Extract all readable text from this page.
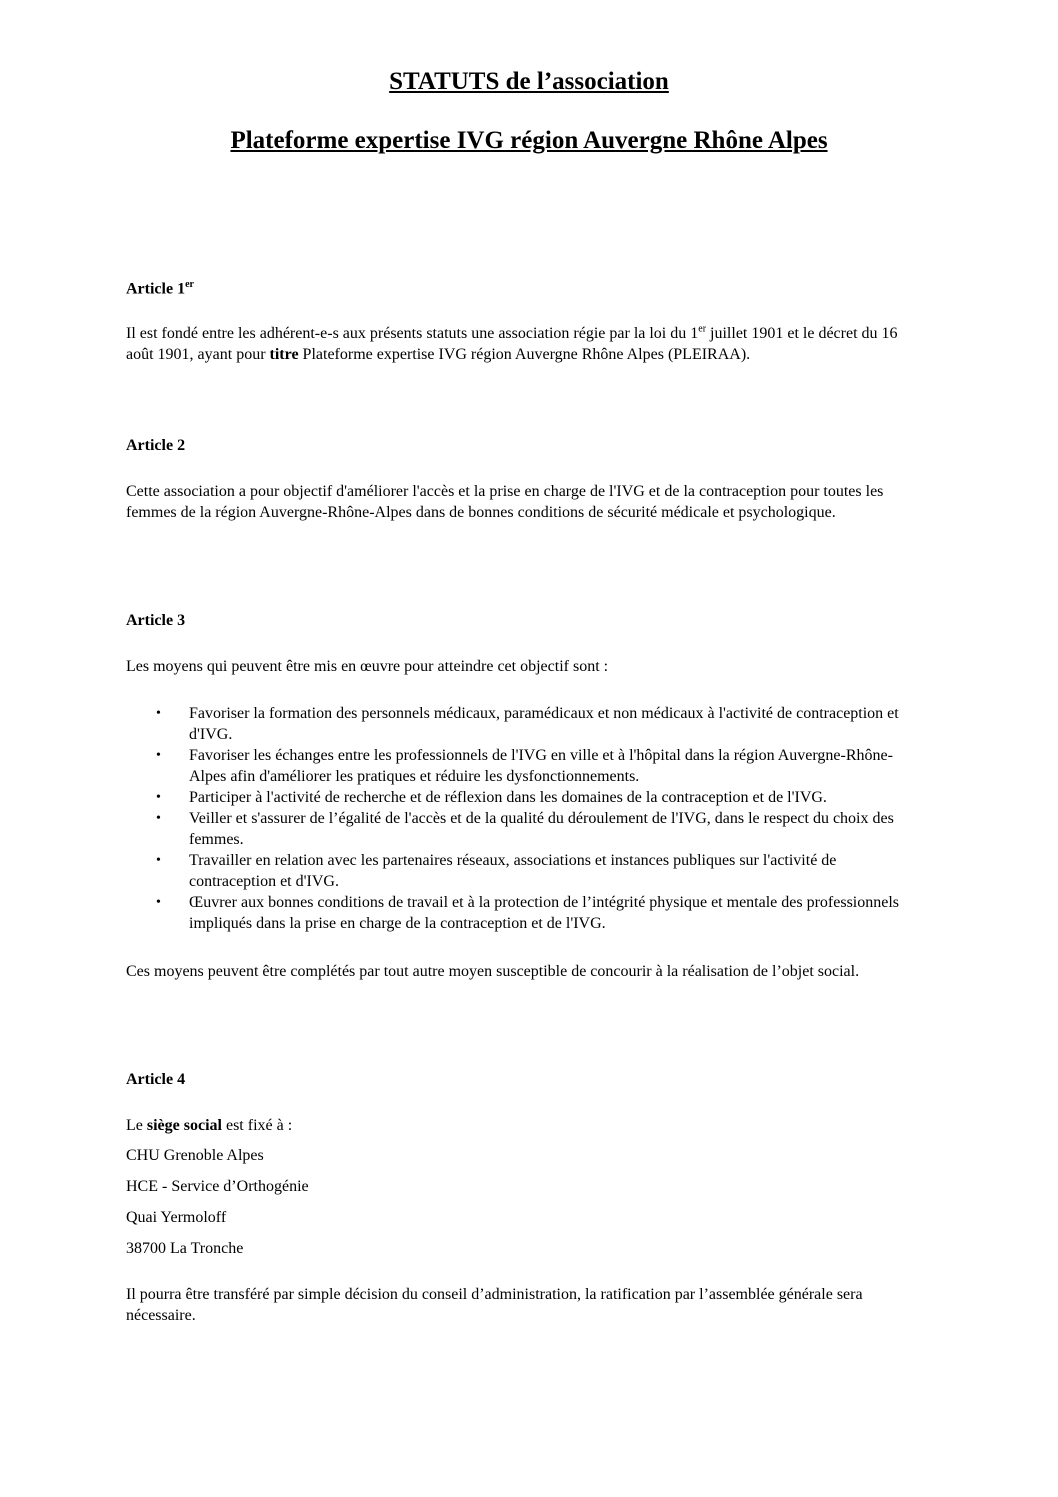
STATUTS de l’association
Plateforme expertise IVG région Auvergne Rhône Alpes
Article 1er
Il est fondé entre les adhérent-e-s aux présents statuts une association régie par la loi du 1er juillet 1901 et le décret du 16 août 1901, ayant pour titre Plateforme expertise IVG région Auvergne Rhône Alpes (PLEIRAA).
Article 2
Cette association a pour objectif d'améliorer l'accès et la prise en charge de l'IVG et de la contraception pour toutes les femmes de la région Auvergne-Rhône-Alpes dans de bonnes conditions de sécurité médicale et psychologique.
Article 3
Les moyens qui peuvent être mis en œuvre pour atteindre cet objectif sont :
• Favoriser la formation des personnels médicaux, paramédicaux et non médicaux à l'activité de contraception et d'IVG.
• Favoriser les échanges entre les professionnels de l'IVG en ville et à l'hôpital dans la région Auvergne-Rhône-Alpes afin d'améliorer les pratiques et réduire les dysfonctionnements.
• Participer à l'activité de recherche et de réflexion dans les domaines de la contraception et de l'IVG.
• Veiller et s'assurer de l’égalité de l'accès et de la qualité du déroulement de l'IVG, dans le respect du choix des femmes.
• Travailler en relation avec les partenaires réseaux, associations et instances publiques sur l'activité de contraception et d'IVG.
• Œuvrer aux bonnes conditions de travail et à la protection de l’intégrité physique et mentale des professionnels impliqués dans la prise en charge de la contraception et de l'IVG.
Ces moyens peuvent être complétés par tout autre moyen susceptible de concourir à la réalisation de l’objet social.
Article 4
Le siège social est fixé à :
CHU Grenoble Alpes
HCE - Service d’Orthogénie
Quai Yermoloff
38700 La Tronche
Il pourra être transféré par simple décision du conseil d’administration, la ratification par l’assemblée générale sera nécessaire.
